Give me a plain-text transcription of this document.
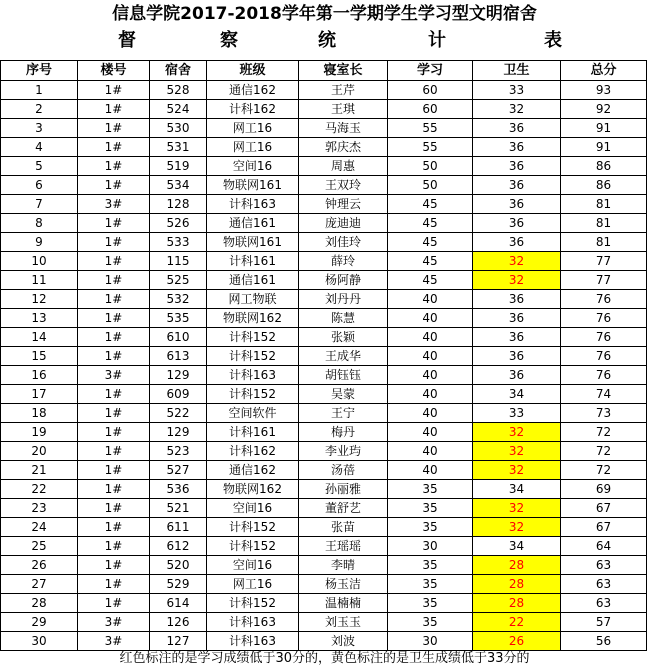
信息学院2017-2018学年第一学期学生学习型文明宿舍
督	察	统	计	表
序号	楼号	宿舍	班级	寝室长	学习	卫生	总分
1	1#	528	通信162	王芹	60	33	93
2	1#	524	计科162	王琪	60	32	92
3	1#	530	网工16	马海玉	55	36	91
4	1#	531	网工16	郭庆杰	55	36	91
5	1#	519	空间16	周惠	50	36	86
6	1#	534	物联网161	王双玲	50	36	86
7	3#	128	计科163	钟理云	45	36	81
8	1#	526	通信161	庞迪迪	45	36	81
9	1#	533	物联网161	刘佳玲	45	36	81
10	1#	115	计科161	薛玲	45	32	77
11	1#	525	通信161	杨阿静	45	32	77
12	1#	532	网工物联	刘丹丹	40	36	76
13	1#	535	物联网162	陈慧	40	36	76
14	1#	610	计科152	张颖	40	36	76
15	1#	613	计科152	王成华	40	36	76
16	3#	129	计科163	胡钰钰	40	36	76
17	1#	609	计科152	吴蒙	40	34	74
18	1#	522	空间软件	王宁	40	33	73
19	1#	129	计科161	梅丹	40	32	72
20	1#	523	计科162	李业玙	40	32	72
21	1#	527	通信162	汤蓓	40	32	72
22	1#	536	物联网162	孙丽雅	35	34	69
23	1#	521	空间16	董舒艺	35	32	67
24	1#	611	计科152	张苗	35	32	67
25	1#	612	计科152	王瑶瑶	30	34	64
26	1#	520	空间16	李晴	35	28	63
27	1#	529	网工16	杨玉洁	35	28	63
28	1#	614	计科152	温楠楠	35	28	63
29	3#	126	计科163	刘玉玉	35	22	57
30	3#	127	计科163	刘波	30	26	56
红色标注的是学习成绩低于30分的，黄色标注的是卫生成绩低于33分的
